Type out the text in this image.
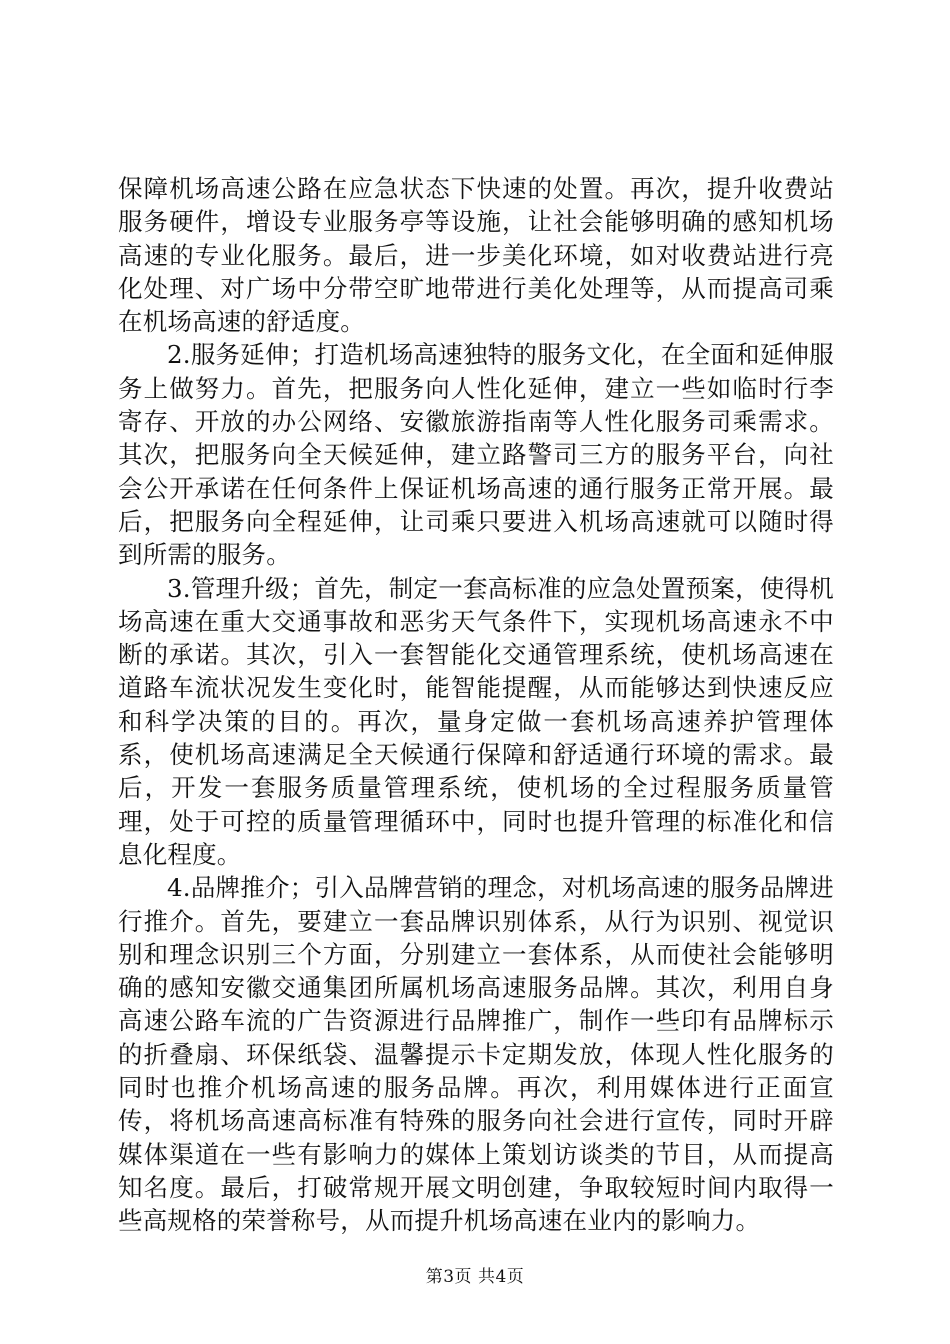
保障机场高速公路在应急状态下快速的处置。再次，提升收费站服务硬件，增设专业服务亭等设施，让社会能够明确的感知机场高速的专业化服务。最后，进一步美化环境，如对收费站进行亮化处理、对广场中分带空旷地带进行美化处理等，从而提高司乘在机场高速的舒适度。

2.服务延伸；打造机场高速独特的服务文化，在全面和延伸服务上做努力。首先，把服务向人性化延伸，建立一些如临时行李寄存、开放的办公网络、安徽旅游指南等人性化服务司乘需求。其次，把服务向全天候延伸，建立路警司三方的服务平台，向社会公开承诺在任何条件上保证机场高速的通行服务正常开展。最后，把服务向全程延伸，让司乘只要进入机场高速就可以随时得到所需的服务。

3.管理升级；首先，制定一套高标准的应急处置预案，使得机场高速在重大交通事故和恶劣天气条件下，实现机场高速永不中断的承诺。其次，引入一套智能化交通管理系统，使机场高速在道路车流状况发生变化时，能智能提醒，从而能够达到快速反应和科学决策的目的。再次，量身定做一套机场高速养护管理体系，使机场高速满足全天候通行保障和舒适通行环境的需求。最后，开发一套服务质量管理系统，使机场的全过程服务质量管理，处于可控的质量管理循环中，同时也提升管理的标准化和信息化程度。

4.品牌推介；引入品牌营销的理念，对机场高速的服务品牌进行推介。首先，要建立一套品牌识别体系，从行为识别、视觉识别和理念识别三个方面，分别建立一套体系，从而使社会能够明确的感知安徽交通集团所属机场高速服务品牌。其次，利用自身高速公路车流的广告资源进行品牌推广，制作一些印有品牌标示的折叠扇、环保纸袋、温馨提示卡定期发放，体现人性化服务的同时也推介机场高速的服务品牌。再次，利用媒体进行正面宣传，将机场高速高标准有特殊的服务向社会进行宣传，同时开辟媒体渠道在一些有影响力的媒体上策划访谈类的节目，从而提高知名度。最后，打破常规开展文明创建，争取较短时间内取得一些高规格的荣誉称号，从而提升机场高速在业内的影响力。

第3页 共4页
